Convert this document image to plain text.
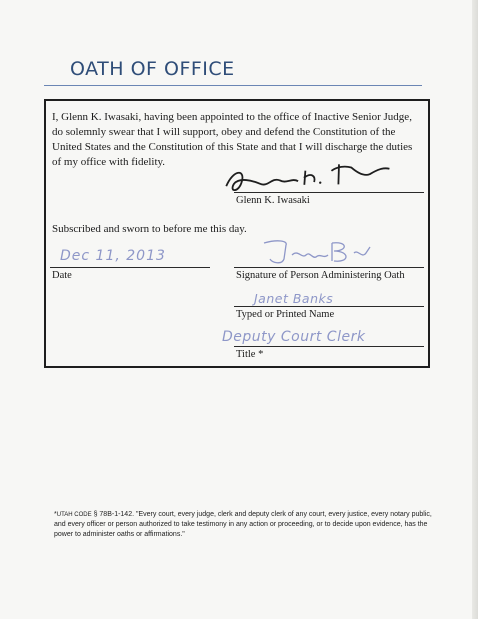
OATH OF OFFICE

I, Glenn K. Iwasaki, having been appointed to the office of Inactive Senior Judge, do solemnly swear that I will support, obey and defend the Constitution of the United States and the Constitution of this State and that I will discharge the duties of my office with fidelity.

Glenn K. Iwasaki

Subscribed and sworn to before me this day.

Dec 11, 2013
Date	Signature of Person Administering Oath
Janet Banks
Typed or Printed Name
Deputy Court Clerk
Title *

*UTAH CODE § 78B-1-142. "Every court, every judge, clerk and deputy clerk of any court, every justice, every notary public, and every officer or person authorized to take testimony in any action or proceeding, or to decide upon evidence, has the power to administer oaths or affirmations."
